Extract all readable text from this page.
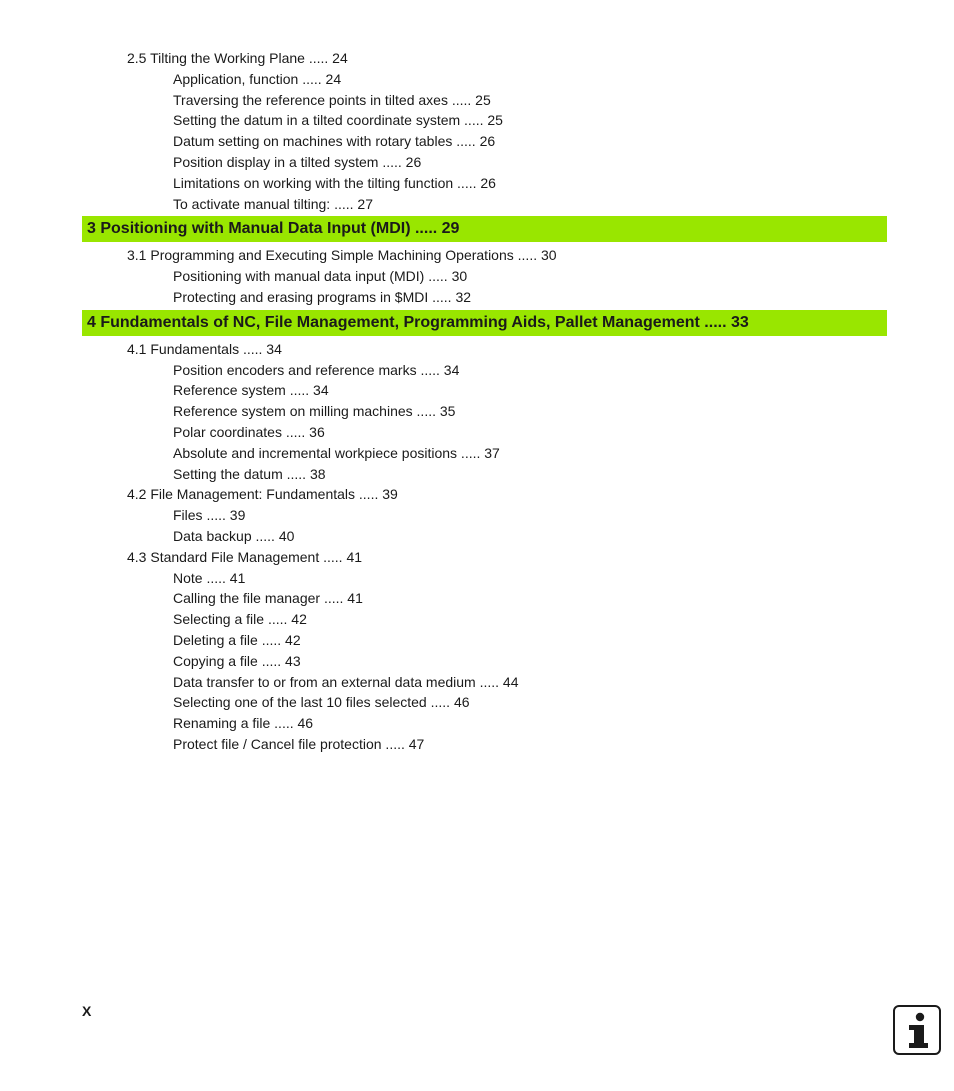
2.5 Tilting the Working Plane ..... 24
Application, function ..... 24
Traversing the reference points in tilted axes ..... 25
Setting the datum in a tilted coordinate system ..... 25
Datum setting on machines with rotary tables ..... 26
Position display in a tilted system ..... 26
Limitations on working with the tilting function ..... 26
To activate manual tilting: ..... 27
3 Positioning with Manual Data Input (MDI) ..... 29
3.1 Programming and Executing Simple Machining Operations ..... 30
Positioning with manual data input (MDI) ..... 30
Protecting and erasing programs in $MDI ..... 32
4 Fundamentals of NC, File Management, Programming Aids, Pallet Management ..... 33
4.1 Fundamentals ..... 34
Position encoders and reference marks ..... 34
Reference system ..... 34
Reference system on milling machines ..... 35
Polar coordinates ..... 36
Absolute and incremental workpiece positions ..... 37
Setting the datum ..... 38
4.2 File Management: Fundamentals ..... 39
Files ..... 39
Data backup ..... 40
4.3 Standard File Management ..... 41
Note ..... 41
Calling the file manager ..... 41
Selecting a file ..... 42
Deleting a file ..... 42
Copying a file ..... 43
Data transfer to or from an external data medium ..... 44
Selecting one of the last 10 files selected ..... 46
Renaming a file ..... 46
Protect file / Cancel file protection ..... 47
X
